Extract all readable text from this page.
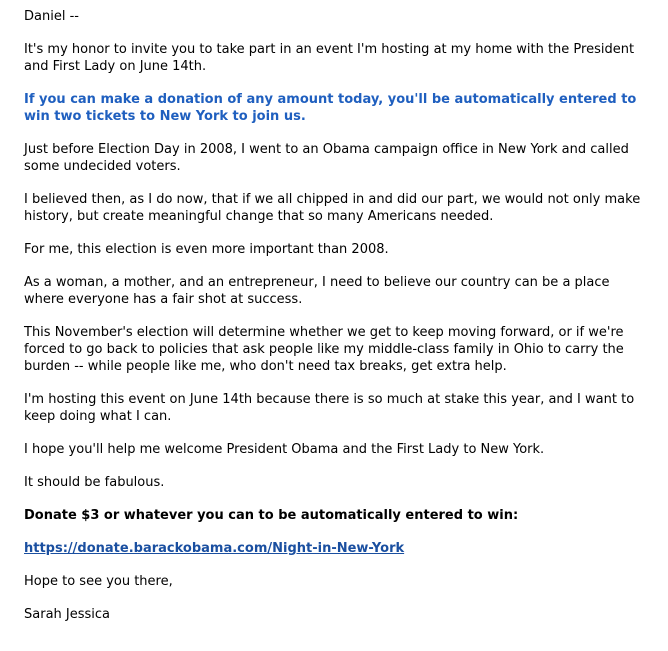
Daniel --

It's my honor to invite you to take part in an event I'm hosting at my home with the President and First Lady on June 14th.

If you can make a donation of any amount today, you'll be automatically entered to win two tickets to New York to join us.

Just before Election Day in 2008, I went to an Obama campaign office in New York and called some undecided voters.

I believed then, as I do now, that if we all chipped in and did our part, we would not only make history, but create meaningful change that so many Americans needed.

For me, this election is even more important than 2008.

As a woman, a mother, and an entrepreneur, I need to believe our country can be a place where everyone has a fair shot at success.

This November's election will determine whether we get to keep moving forward, or if we're forced to go back to policies that ask people like my middle-class family in Ohio to carry the burden -- while people like me, who don't need tax breaks, get extra help.

I'm hosting this event on June 14th because there is so much at stake this year, and I want to keep doing what I can.

I hope you'll help me welcome President Obama and the First Lady to New York.

It should be fabulous.

Donate $3 or whatever you can to be automatically entered to win:

https://donate.barackobama.com/Night-in-New-York

Hope to see you there,

Sarah Jessica
